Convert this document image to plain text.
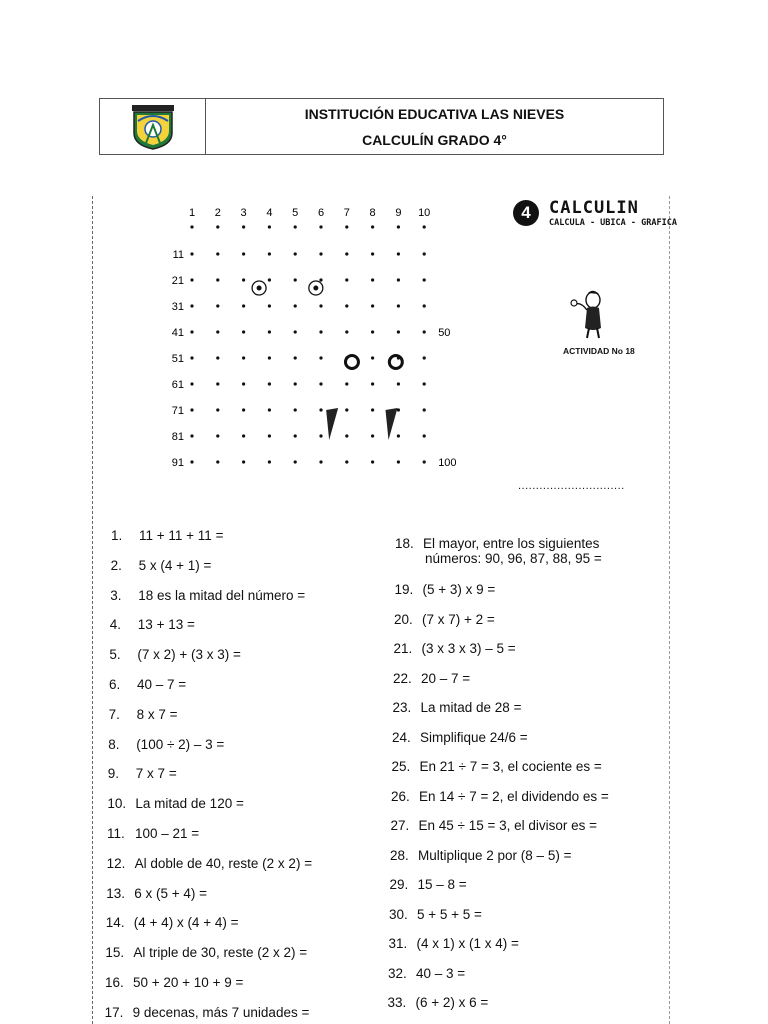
INSTITUCIÓN EDUCATIVA LAS NIEVES
CALCULÍN GRADO 4°
1 2 3 4 5 6 7 8 9 10
11
21
31
41
51
61
71
81
91
50
100
4	CALCULIN
CALCULA - UBICA - GRAFICA
ACTIVIDAD No 18
..............................
1. 11 + 11 + 11 =
2. 5 x (4 + 1) =
3. 18 es la mitad del número =
4. 13 + 13 =
5. (7 x 2) + (3 x 3) =
6. 40 – 7 =
7. 8 x 7 =
8. (100 ÷ 2) – 3 =
9. 7 x 7 =
10. La mitad de 120 =
11. 100 – 21 =
12. Al doble de 40, reste (2 x 2) =
13. 6 x (5 + 4) =
14. (4 + 4) x (4 + 4) =
15. Al triple de 30, reste (2 x 2) =
16. 50 + 20 + 10 + 9 =
17. 9 decenas, más 7 unidades =
18. El mayor, entre los siguientes
números: 90, 96, 87, 88, 95 =
19. (5 + 3) x 9 =
20. (7 x 7) + 2 =
21. (3 x 3 x 3) – 5 =
22. 20 – 7 =
23. La mitad de 28 =
24. Simplifique 24/6 =
25. En 21 ÷ 7 = 3, el cociente es =
26. En 14 ÷ 7 = 2, el dividendo es =
27. En 45 ÷ 15 = 3, el divisor es =
28. Multiplique 2 por (8 – 5) =
29. 15 – 8 =
30. 5 + 5 + 5 =
31. (4 x 1) x (1 x 4) =
32. 40 – 3 =
33. (6 + 2) x 6 =
